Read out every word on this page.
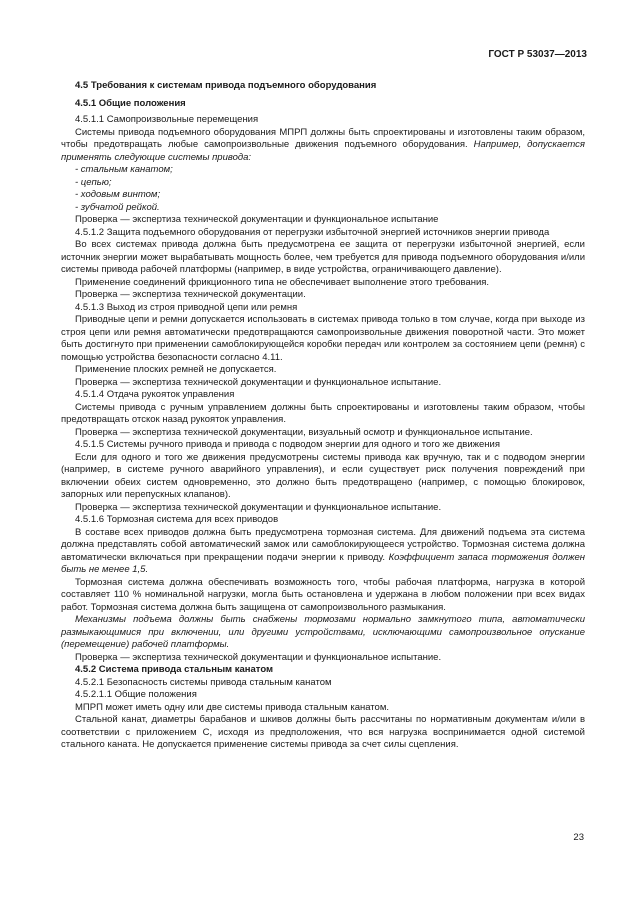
ГОСТ Р 53037—2013

4.5 Требования к системам привода подъемного оборудования

4.5.1 Общие положения

4.5.1.1 Самопроизвольные перемещения

Системы привода подъемного оборудования МПРП должны быть спроектированы и изготовлены таким образом, чтобы предотвращать любые самопроизвольные движения подъемного оборудования. Например, допускается применять следующие системы привода:

- стальным канатом;

- цепью;

- ходовым винтом;

- зубчатой рейкой.

Проверка — экспертиза технической документации и функциональное испытание

4.5.1.2 Защита подъемного оборудования от перегрузки избыточной энергией источников энергии привода

Во всех системах привода должна быть предусмотрена ее защита от перегрузки избыточной энергией, если источник энергии может вырабатывать мощность более, чем требуется для привода подъемного оборудования и/или системы привода рабочей платформы (например, в виде устройства, ограничивающего давление).

Применение соединений фрикционного типа не обеспечивает выполнение этого требования.

Проверка — экспертиза технической документации.

4.5.1.3 Выход из строя приводной цепи или ремня

Приводные цепи и ремни допускается использовать в системах привода только в том случае, когда при выходе из строя цепи или ремня автоматически предотвращаются самопроизвольные движения поворотной части. Это может быть достигнуто при применении самоблокирующейся коробки передач или контролем за состоянием цепи (ремня) с помощью устройства безопасности согласно 4.11.

Применение плоских ремней не допускается.

Проверка — экспертиза технической документации и функциональное испытание.

4.5.1.4 Отдача рукояток управления

Системы привода с ручным управлением должны быть спроектированы и изготовлены таким образом, чтобы предотвращать отскок назад рукояток управления.

Проверка — экспертиза технической документации, визуальный осмотр и функциональное испытание.

4.5.1.5 Системы ручного привода и привода с подводом энергии для одного и того же движения

Если для одного и того же движения предусмотрены системы привода как вручную, так и с подводом энергии (например, в системе ручного аварийного управления), и если существует риск получения повреждений при включении обеих систем одновременно, это должно быть предотвращено (например, с помощью блокировок, запорных или перепускных клапанов).

Проверка — экспертиза технической документации и функциональное испытание.

4.5.1.6 Тормозная система для всех приводов

В составе всех приводов должна быть предусмотрена тормозная система. Для движений подъема эта система должна представлять собой автоматический замок или самоблокирующееся устройство. Тормозная система должна автоматически включаться при прекращении подачи энергии к приводу. Коэффициент запаса торможения должен быть не менее 1,5.

Тормозная система должна обеспечивать возможность того, чтобы рабочая платформа, нагрузка в которой составляет 110 % номинальной нагрузки, могла быть остановлена и удержана в любом положении при всех видах работ. Тормозная система должна быть защищена от самопроизвольного размыкания.

Механизмы подъема должны быть снабжены тормозами нормально замкнутого типа, автоматически размыкающимися при включении, или другими устройствами, исключающими самопроизвольное опускание (перемещение) рабочей платформы.

Проверка — экспертиза технической документации и функциональное испытание.

4.5.2 Система привода стальным канатом

4.5.2.1 Безопасность системы привода стальным канатом

4.5.2.1.1 Общие положения

МПРП может иметь одну или две системы привода стальным канатом.

Стальной канат, диаметры барабанов и шкивов должны быть рассчитаны по нормативным документам и/или в соответствии с приложением С, исходя из предположения, что вся нагрузка воспринимается одной системой стального каната. Не допускается применение системы привода за счет силы сцепления.

23
